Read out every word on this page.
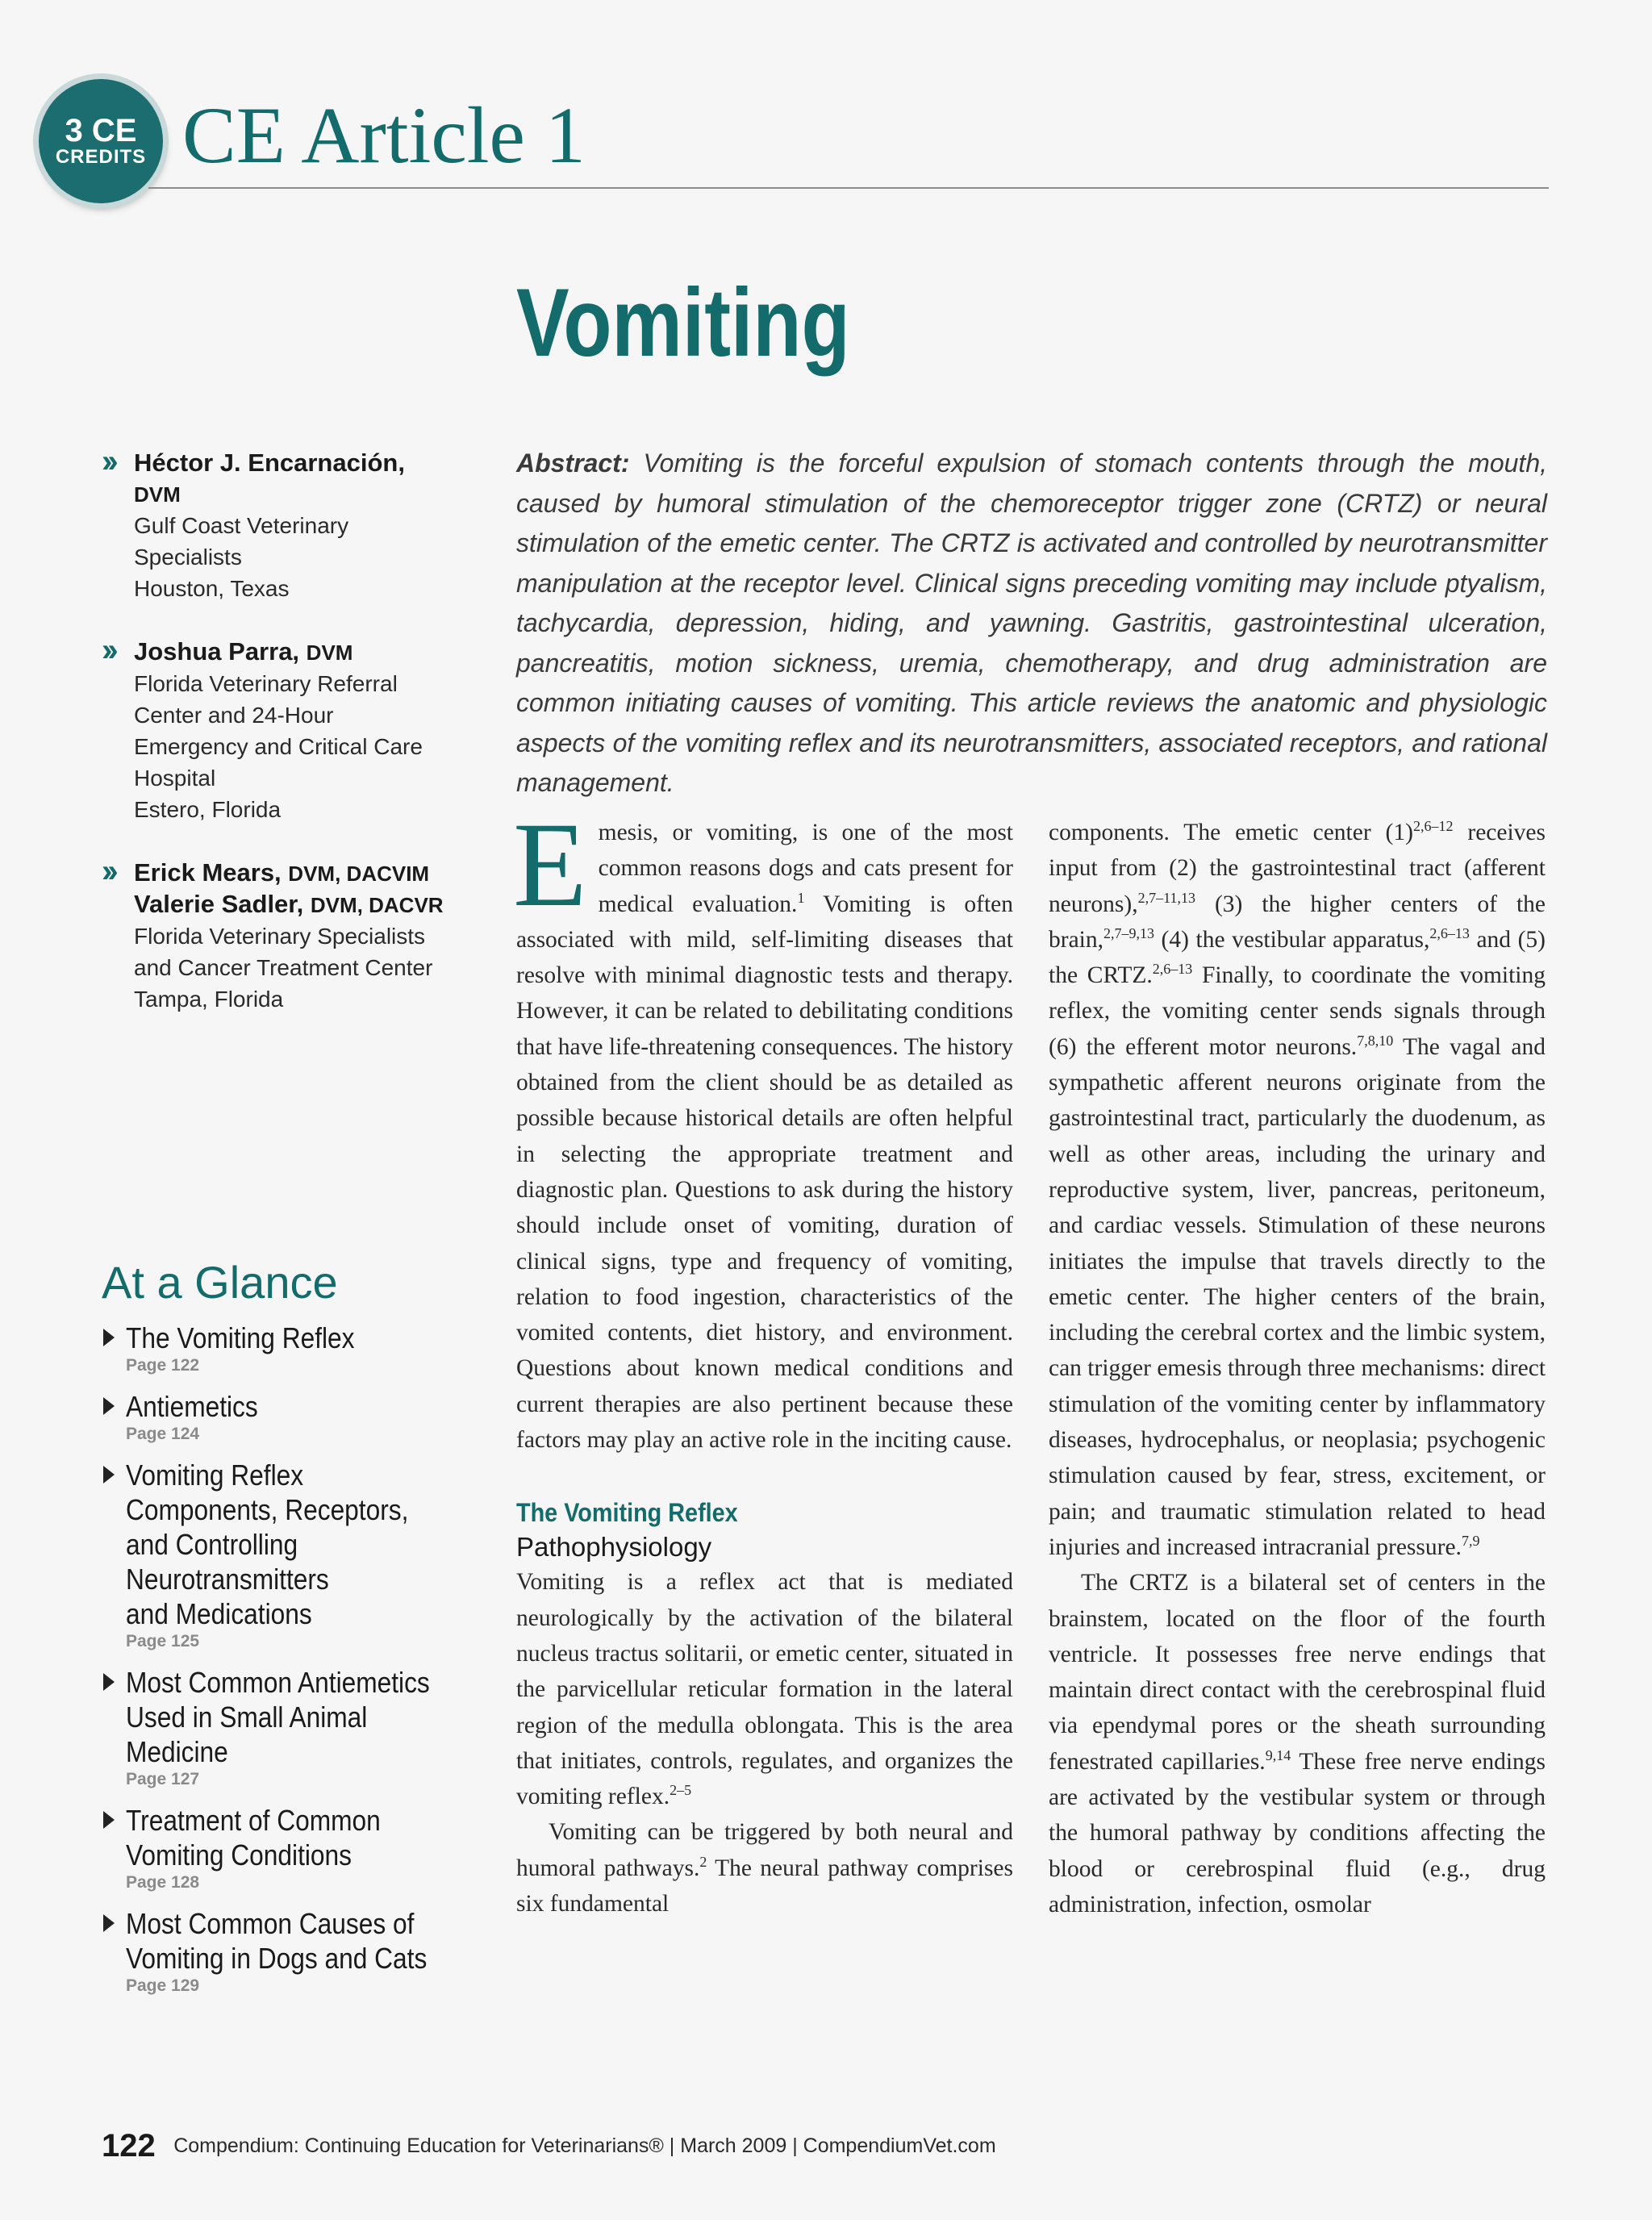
3 CE
CREDITS CE Article 1
Vomiting
›› Héctor J. Encarnación, DVM
Gulf Coast Veterinary
Specialists
Houston, Texas
›› Joshua Parra, DVM
Florida Veterinary Referral
Center and 24-Hour
Emergency and Critical Care
Hospital
Estero, Florida
›› Erick Mears, DVM, DACVIM
Valerie Sadler, DVM, DACVR
Florida Veterinary Specialists
and Cancer Treatment Center
Tampa, Florida
At a Glance
The Vomiting Reflex
Page 122
Antiemetics
Page 124
Vomiting Reflex
Components, Receptors,
and Controlling
Neurotransmitters
and Medications
Page 125
Most Common Antiemetics
Used in Small Animal
Medicine
Page 127
Treatment of Common
Vomiting Conditions
Page 128
Most Common Causes of
Vomiting in Dogs and Cats
Page 129
Abstract: Vomiting is the forceful expulsion of stomach contents through the mouth, caused by humoral stimulation of the chemoreceptor trigger zone (CRTZ) or neural stimulation of the emetic center. The CRTZ is activated and controlled by neurotransmitter manipulation at the receptor level. Clinical signs preceding vomiting may include ptyalism, tachycardia, depression, hiding, and yawning. Gastritis, gastrointestinal ulceration, pancreatitis, motion sickness, uremia, chemotherapy, and drug administration are common initiating causes of vomiting. This article reviews the anatomic and physiologic aspects of the vomiting reflex and its neurotransmitters, associated receptors, and rational management.

Emesis, or vomiting, is one of the most common reasons dogs and cats present for medical evaluation.$^1$ Vomiting is often associated with mild, self-limiting diseases that resolve with minimal diagnostic tests and therapy. However, it can be related to debilitating conditions that have life-threatening consequences. The history obtained from the client should be as detailed as possible because historical details are often helpful in selecting the appropriate treatment and diagnostic plan. Questions to ask during the history should include onset of vomiting, duration of clinical signs, type and frequency of vomiting, relation to food ingestion, characteristics of the vomited contents, diet history, and environment. Questions about known medical conditions and current therapies are also pertinent because these factors may play an active role in the inciting cause.

The Vomiting Reflex
Pathophysiology

Vomiting is a reflex act that is mediated neurologically by the activation of the bilateral nucleus tractus solitarii, or emetic center, situated in the parvicellular reticular formation in the lateral region of the medulla oblongata. This is the area that initiates, controls, regulates, and organizes the vomiting reflex.$^{2-5}$

Vomiting can be triggered by both neural and humoral pathways.$^2$ The neural pathway comprises six fundamental

components. The emetic center $(1)^{2,6-12}$ receives input from (2) the gastrointestinal tract (afferent neurons),$^{2,7-11,13}$ (3) the higher centers of the brain,$^{2,7-9,13}$ (4) the vestibular apparatus,$^{2,6-13}$ and (5) the CRTZ.$^{2,6-13}$ Finally, to coordinate the vomiting reflex, the vomiting center sends signals through (6) the efferent motor neurons.$^{7,8,10}$ The vagal and sympathetic afferent neurons originate from the gastrointestinal tract, particularly the duodenum, as well as other areas, including the urinary and reproductive system, liver, pancreas, peritoneum, and cardiac vessels. Stimulation of these neurons initiates the impulse that travels directly to the emetic center. The higher centers of the brain, including the cerebral cortex and the limbic system, can trigger emesis through three mechanisms: direct stimulation of the vomiting center by inflammatory diseases, hydrocephalus, or neoplasia; psychogenic stimulation caused by fear, stress, excitement, or pain; and traumatic stimulation related to head injuries and increased intracranial pressure.$^{7,9}$

The CRTZ is a bilateral set of centers in the brainstem, located on the floor of the fourth ventricle. It possesses free nerve endings that maintain direct contact with the cerebrospinal fluid via ependymal pores or the sheath surrounding fenestrated capillaries.$^{9,14}$ These free nerve endings are activated by the vestibular system or through the humoral pathway by conditions affecting the blood or cerebrospinal fluid (e.g., drug administration, infection, osmolar

122 Compendium: Continuing Education for Veterinarians® | March 2009 | CompendiumVet.com
